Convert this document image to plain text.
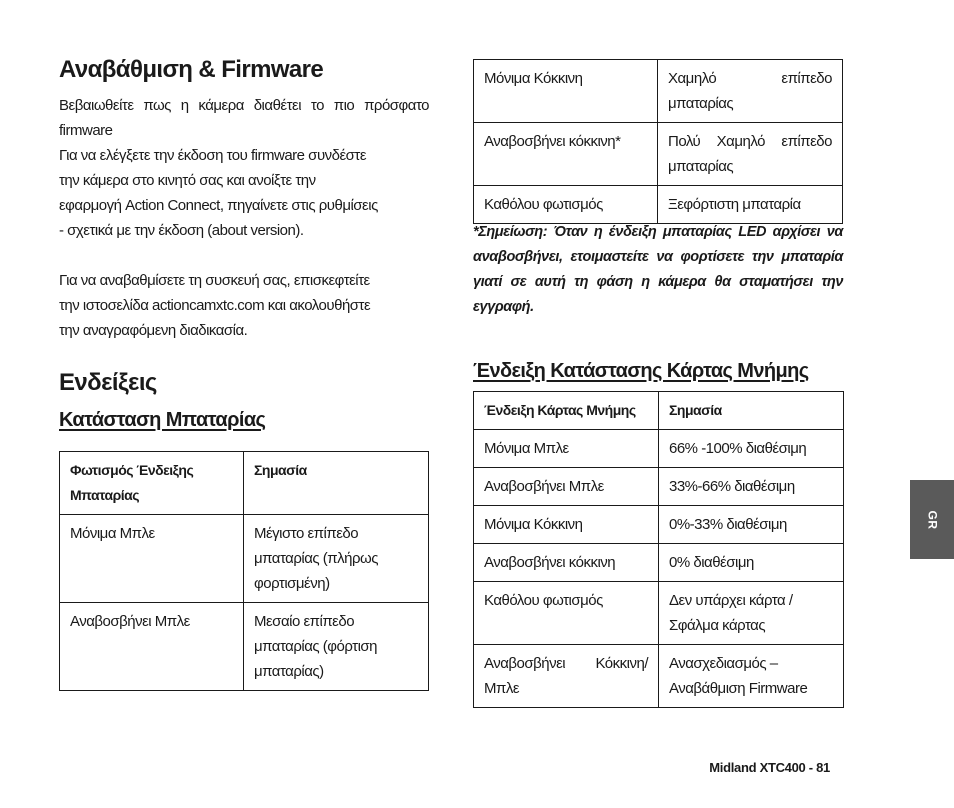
Αναβάθμιση & Firmware
Βεβαιωθείτε πως η κάμερα διαθέτει το πιο πρόσφατο
firmware
Για να ελέγξετε την έκδοση του firmware συνδέστε
την κάμερα στο κινητό σας και ανοίξτε την
εφαρμογή Action Connect, πηγαίνετε στις ρυθμίσεις
- σχετικά με την έκδοση (about version).
Για να αναβαθμίσετε τη συσκευή σας, επισκεφτείτε
την ιστοσελίδα actioncamxtc.com και ακολουθήστε
την αναγραφόμενη διαδικασία.
Ενδείξεις
Κατάσταση Μπαταρίας
Φωτισμός Ένδειξης
Μπαταρίας	Σημασία
Μόνιμα Μπλε	Μέγιστο επίπεδο
μπαταρίας (πλήρως
φορτισμένη)

Αναβοσβήνει Μπλε	Μεσαίο επίπεδο
μπαταρίας (φόρτιση
μπαταρίας)
Μόνιμα Κόκκινη	Χαμηλό επίπεδο
μπαταρίας

Αναβοσβήνει κόκκινη*	Πολύ Χαμηλό επίπεδο
μπαταρίας

Καθόλου φωτισμός	Ξεφόρτιστη μπαταρία
*Σημείωση: Όταν η ένδειξη μπαταρίας LED αρχίσει να
αναβοσβήνει, ετοιμαστείτε να φορτίσετε την μπαταρία
γιατί σε αυτή τη φάση η κάμερα θα σταματήσει την
εγγραφή.
Ένδειξη Κατάστασης Κάρτας Μνήμης
Ένδειξη Κάρτας Μνήμης	Σημασία
Μόνιμα Μπλε	66% -100% διαθέσιμη
Αναβοσβήνει Μπλε	33%-66% διαθέσιμη
Μόνιμα Κόκκινη	0%-33% διαθέσιμη
Αναβοσβήνει κόκκινη	0% διαθέσιμη
Καθόλου φωτισμός	Δεν υπάρχει κάρτα /
Σφάλμα κάρτας

Αναβοσβήνει Κόκκινη/
Μπλε	Ανασχεδιασμός –
Αναβάθμιση Firmware
GR
Midland XTC400 - 81
